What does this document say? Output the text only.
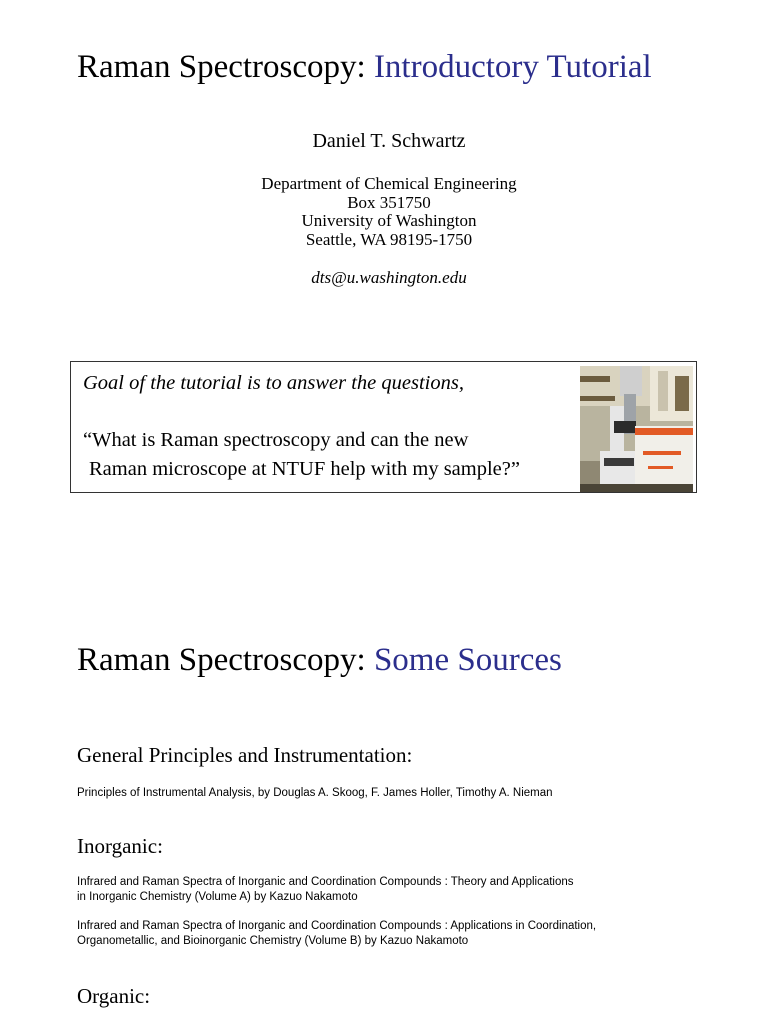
Raman Spectroscopy: Introductory Tutorial
Daniel T. Schwartz
Department of Chemical Engineering
Box 351750
University of Washington
Seattle, WA 98195-1750
dts@u.washington.edu
Goal of the tutorial is to answer the questions,
“What is Raman spectroscopy and can the new
Raman microscope at NTUF help with my sample?”
Raman Spectroscopy: Some Sources
General Principles and Instrumentation:
Principles of Instrumental Analysis, by Douglas A. Skoog, F. James Holler, Timothy A. Nieman
Inorganic:
Infrared and Raman Spectra of Inorganic and Coordination Compounds : Theory and Applications
in Inorganic Chemistry (Volume A) by Kazuo Nakamoto
Infrared and Raman Spectra of Inorganic and Coordination Compounds : Applications in Coordination,
Organometallic, and Bioinorganic Chemistry (Volume B) by Kazuo Nakamoto
Organic:
